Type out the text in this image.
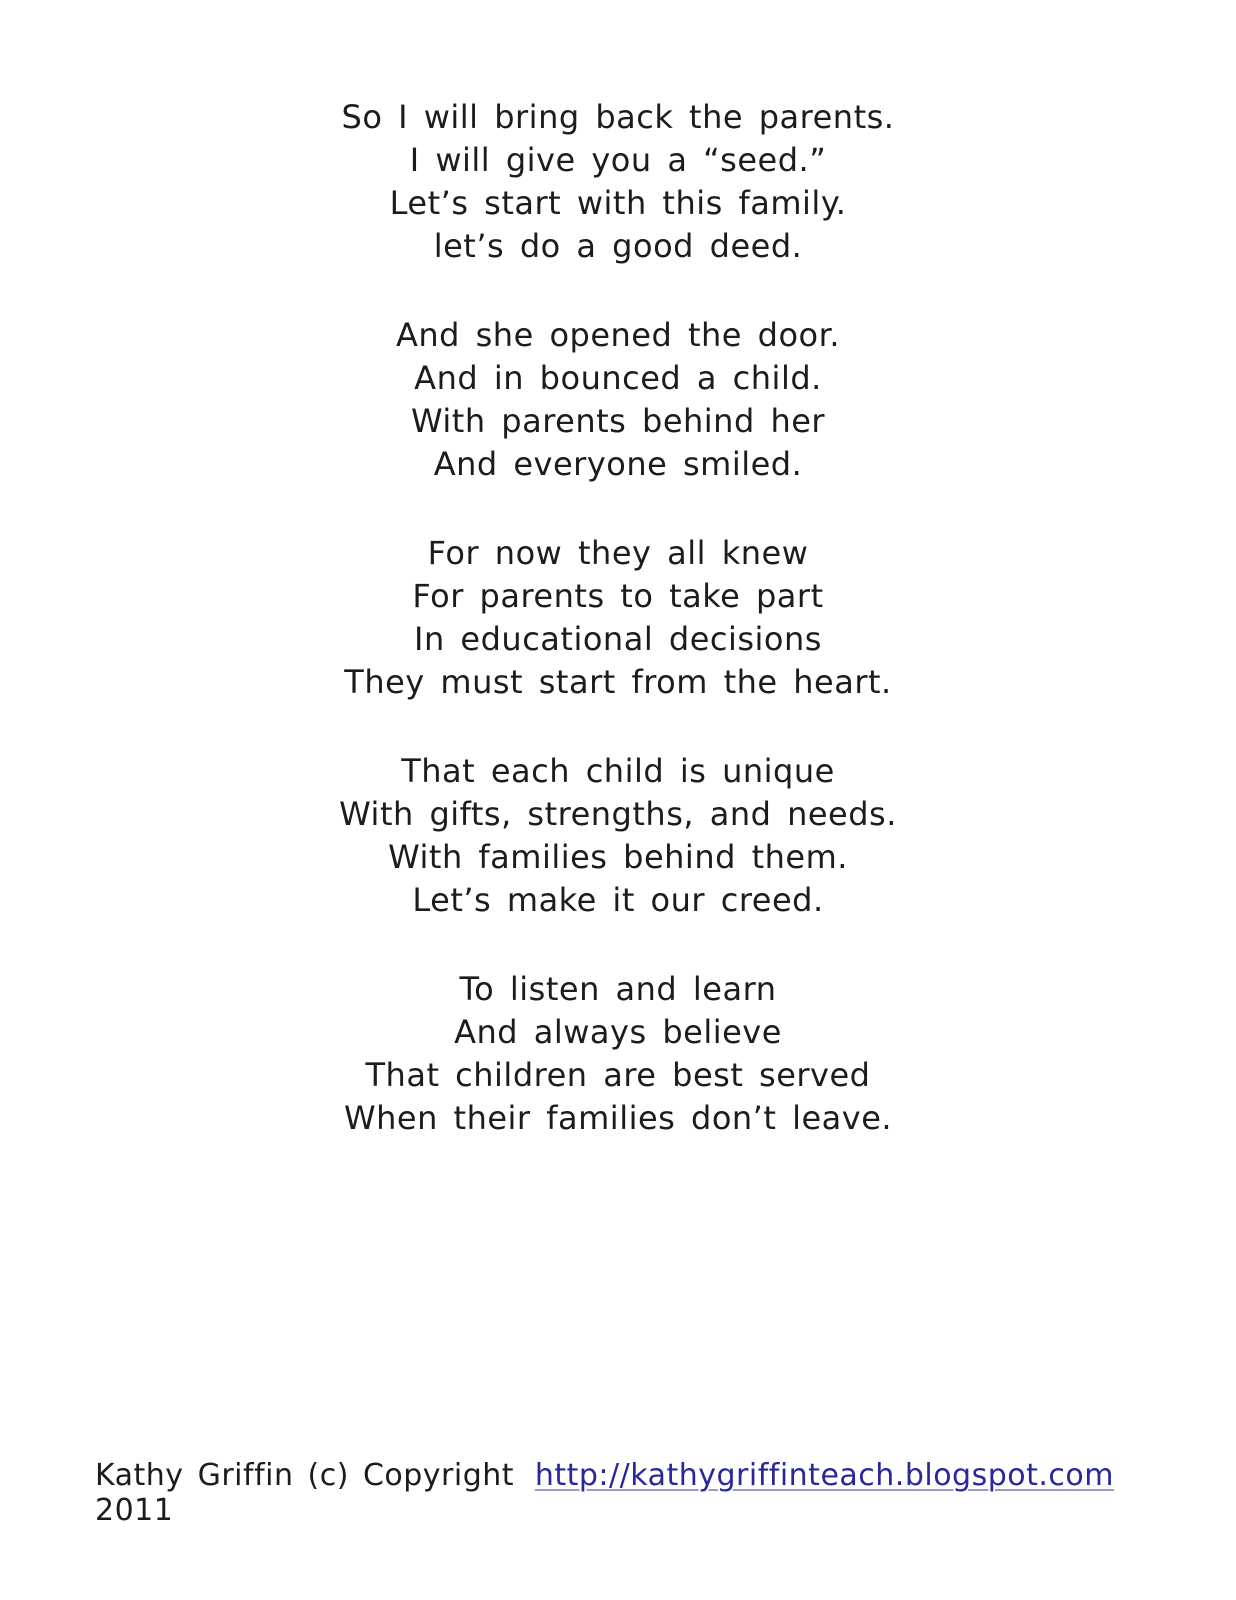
So I will bring back the parents.

I will give you a “seed.”

Let’s start with this family.

let’s do a good deed.

And she opened the door.

And in bounced a child.

With parents behind her

And everyone smiled.

For now they all knew

For parents to take part

In educational decisions

They must start from the heart.

That each child is unique

With gifts, strengths, and needs.

With families behind them.

Let’s make it our creed.

To listen and learn

And always believe

That children are best served

When their families don’t leave.

Kathy Griffin (c) Copyright 2011
http://kathygriffinteach.blogspot.com
